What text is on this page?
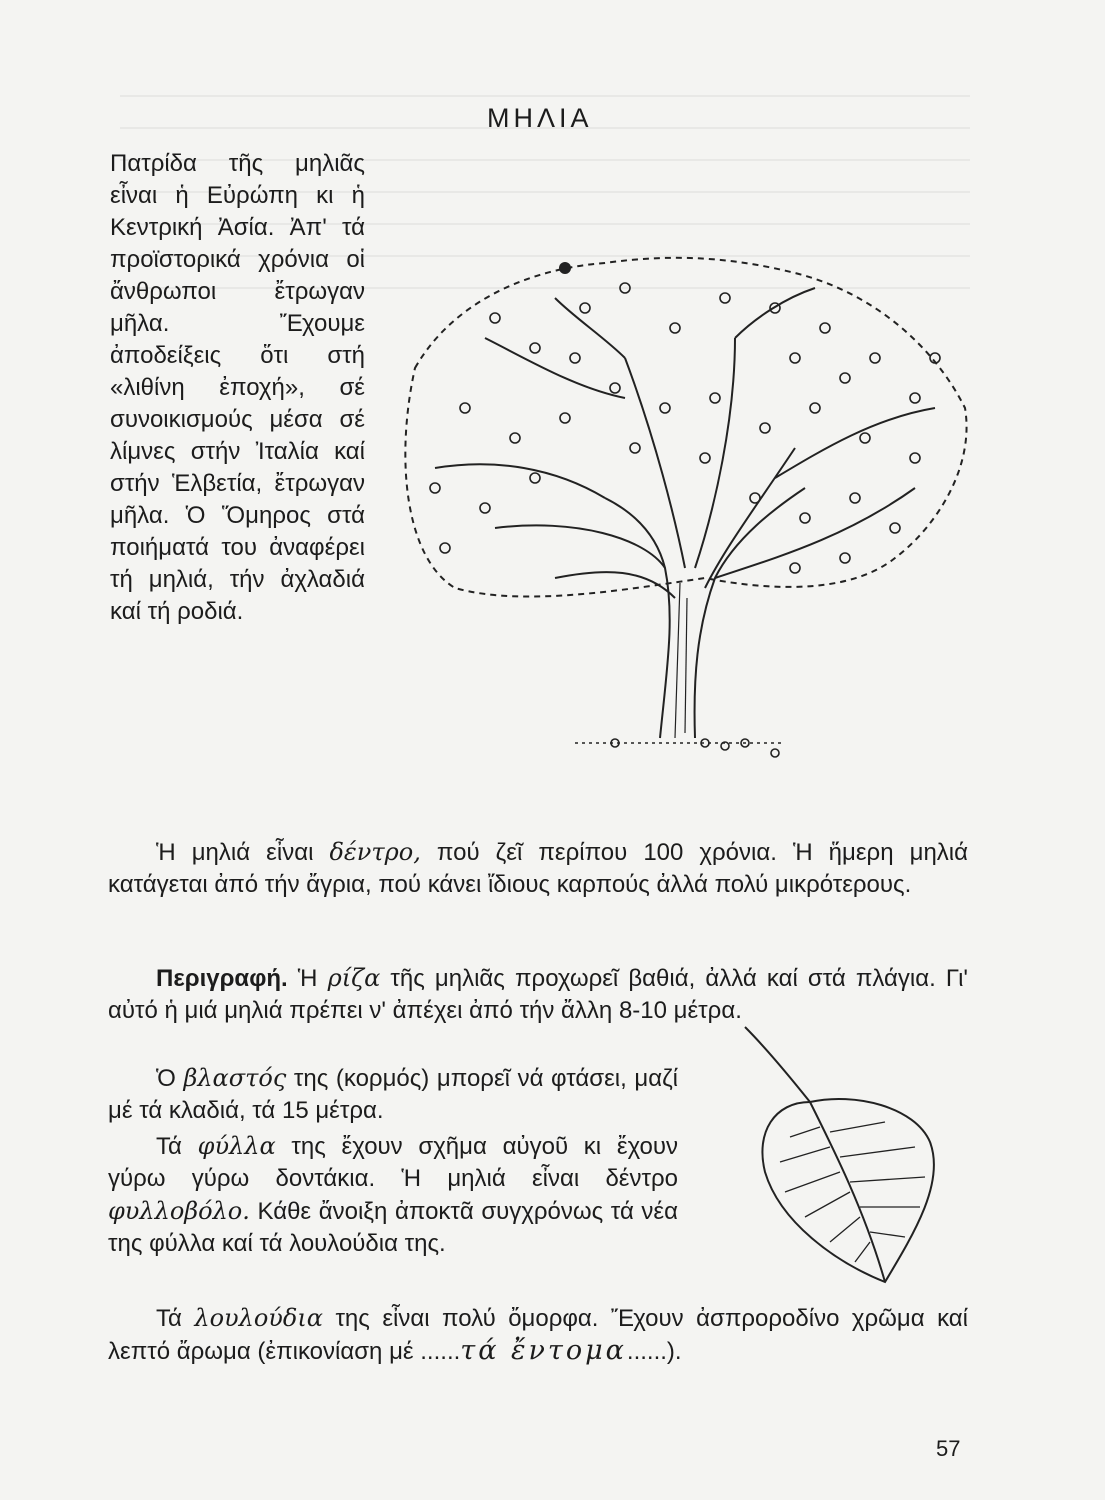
ΜΗΛΙΑ

Πατρίδα τῆς μηλιᾶς εἶναι ἡ Εὐρώπη κι ἡ Κεντρική Ἀσία. Ἀπ' τά προϊστορικά χρόνια οἱ ἄνθρωποι ἔτρωγαν μῆλα. Ἔχουμε ἀποδείξεις ὅτι στή «λιθίνη ἐποχή», σέ συνοικισμούς μέσα σέ λίμνες στήν Ἰταλία καί στήν Ἑλβετία, ἔτρωγαν μῆλα. Ὁ Ὅμηρος στά ποιήματά του ἀναφέρει τή μηλιά, τήν ἀχλαδιά καί τή ροδιά.

Ἡ μηλιά εἶναι δέντρο, πού ζεῖ περίπου 100 χρόνια. Ἡ ἥμερη μηλιά κατάγεται ἀπό τήν ἄγρια, πού κάνει ἴδιους καρπούς ἀλλά πολύ μικρότερους.

Περιγραφή. Ἡ ρίζα τῆς μηλιᾶς προχωρεῖ βαθιά, ἀλλά καί στά πλάγια. Γι' αὐτό ἡ μιά μηλιά πρέπει ν' ἀπέχει ἀπό τήν ἄλλη 8-10 μέτρα.

Ὁ βλαστός της (κορμός) μπορεῖ νά φτάσει, μαζί μέ τά κλαδιά, τά 15 μέτρα.

Τά φύλλα της ἔχουν σχῆμα αὐγοῦ κι ἔχουν γύρω γύρω δοντάκια. Ἡ μηλιά εἶναι δέντρο φυλλοβόλο. Κάθε ἄνοιξη ἀποκτᾶ συγχρόνως τά νέα της φύλλα καί τά λουλούδια της.

Τά λουλούδια της εἶναι πολύ ὄμορφα. Ἔχουν ἀσπροροδίνο χρῶμα καί λεπτό ἄρωμα (ἐπικονίαση μέ ......τά ἔντομα......).

57
